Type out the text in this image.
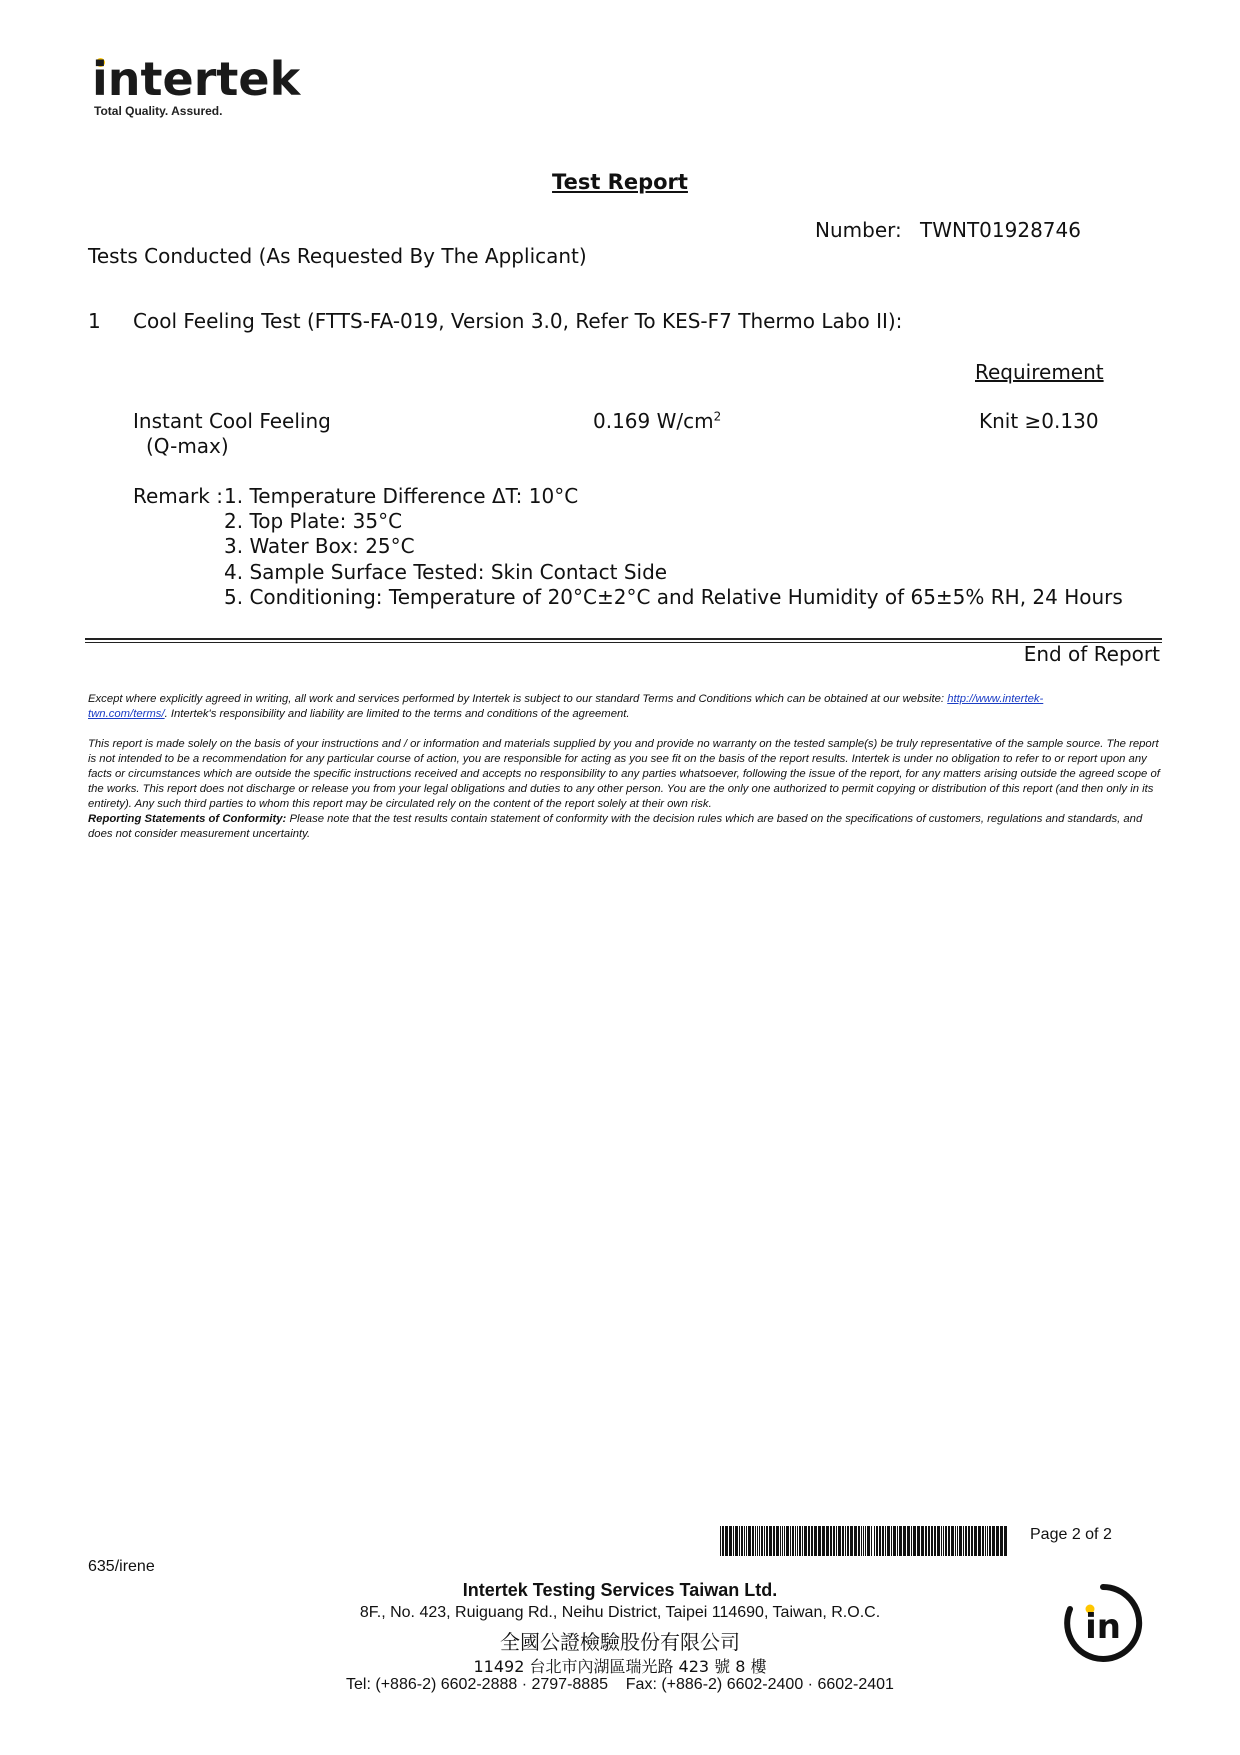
intertek
Total Quality. Assured.
Test Report
Number: TWNT01928746
Tests Conducted (As Requested By The Applicant)
1 Cool Feeling Test (FTTS-FA-019, Version 3.0, Refer To KES-F7 Thermo Labo II):
Requirement
Instant Cool Feeling
(Q-max)
0.169 $W/cm^2$	Knit ≥0.130
Remark : 1. Temperature Difference ΔT: 10°C
2. Top Plate: 35°C
3. Water Box: 25°C
4. Sample Surface Tested: Skin Contact Side
5. Conditioning: Temperature of 20°C±2°C and Relative Humidity of 65±5% RH, 24 Hours
End of Report
Except where explicitly agreed in writing, all work and services performed by Intertek is subject to our standard Terms and Conditions which can be obtained at our website: http://www.intertek-
twn.com/terms/. Intertek's responsibility and liability are limited to the terms and conditions of the agreement.
This report is made solely on the basis of your instructions and / or information and materials supplied by you and provide no warranty on the tested sample(s) be truly representative of the sample source. The report is not intended to be a recommendation for any particular course of action, you are responsible for acting as you see fit on the basis of the report results. Intertek is under no obligation to refer to or report upon any facts or circumstances which are outside the specific instructions received and accepts no responsibility to any parties whatsoever, following the issue of the report, for any matters arising outside the agreed scope of the works. This report does not discharge or release you from your legal obligations and duties to any other person. You are the only one authorized to permit copying or distribution of this report (and then only in its entirety). Any such third parties to whom this report may be circulated rely on the content of the report solely at their own risk.
Reporting Statements of Conformity: Please note that the test results contain statement of conformity with the decision rules which are based on the specifications of customers, regulations and standards, and does not consider measurement uncertainty.
Page 2 of 2
635/irene
Intertek Testing Services Taiwan Ltd.
8F., No. 423, Ruiguang Rd., Neihu District, Taipei 114690, Taiwan, R.O.C.
全國公證檢驗股份有限公司
11492 台北市內湖區瑞光路 423 號 8 樓
Tel: (+886-2) 6602-2888 · 2797-8885    Fax: (+886-2) 6602-2400 · 6602-2401
in
